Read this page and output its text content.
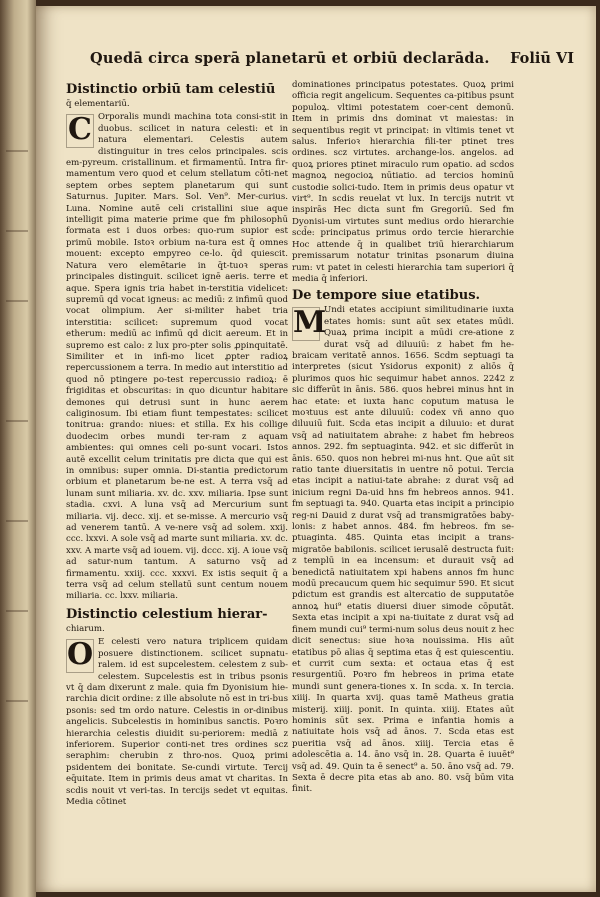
Quedā circa sperā planetarū et orbiū declarāda.	Foliū VI
Distinctio orbiū tam celestiū
q̄ elementariū.

C Orporalis mundi machina tota consi-stit in duobus. scilicet in natura celesti: et in natura elementari. Celestis autem distinguitur in tres celos principales. scis em-pyreum. cristallinum. et firmamentū. Intra fir-mamentum vero quod et celum stellatum cōti-net septem orbes septem planetarum qui sunt Saturnus. Jupiter. Mars. Sol. Ven⁹. Mer-curius. Luna. Nomine autē celi cristallini siue aque intelligit pima materie prime que fm philosophū formata est i duos orbes: quo-rum supior est primū mobile. Istoꝛ orbium na-tura est q̄ omnes mouent: excepto empyreo ce-lo. q̄d quiescit. Natura vero elemētarie in q̄t-tuoꝛ speras principales distinguit. scilicet ignē aeris. terre et aque. Spera ignis tria habet in-terstitia videlicet: supremū qd vocat igneus: ac mediū: z infimū quod vocat olimpium. Aer si-militer habet tria interstitia: scilicet: supremum quod vocat etherum: mediū ac infimū qd dicit aereum. Et in supremo est calo: z lux pro-pter solis ꝓpinquitatē. Similiter et in infi-mo licet ꝓpter radioꝝ repercussionem a terra. In medio aut interstitio ad quod nō ptingere po-test repercussio radioꝝ: ē frigiditas et obscuritas: in quo dicuntur habitare demones qui detrusi sunt in hunc aerem caliginosum. Ibi etiam fiunt tempestates: scilicet tonitrua: grando: niues: et stilla. Ex his collige duodecim orbes mundi ter-ram z aquam ambientes: qui omnes celi po-sunt vocari. Istos autē excellit celum trinitatis pre dicta que qui est in omnibus: super omnia. Di-stantia predictorum orbium et planetarum be-ne est. A terra vsq̄ ad lunam sunt miliaria. xv. dc. xxv. miliaria. Ipse sunt stadia. cxvi. A luna vsq̄ ad Mercurium sunt miliaria. vij. decc. xij. et se-misse. A mercurio vsq̄ ad venerem tantū. A ve-nere vsq̄ ad solem. xxij. ccc. lxxvi. A sole vsq̄ ad marte sunt miliaria. xv. dc. xxv. A marte vsq̄ ad iouem. vij. dccc. xij. A ioue vsq̄ ad satur-num tantum. A saturno vsq̄ ad firmamentu. xxiij. ccc. xxxvi. Ex istis sequit q̄ a terra vsq̄ ad celum stellatū sunt centum nouem miliaria. cc. lxxv. miliaria.

Distinctio celestium hierar-
chiarum.

O E celesti vero natura triplicem quidam posuere distinctionem. scilicet supnatu-ralem. id est supcelestem. celestem z sub-celestem. Supcelestis est in tribus psonis vt q̄ dam dixerunt z male. quia fm Dyonisium hie-rarchia dicit ordine: z ille absolute nō est in tri-bus psonis: sed tm ordo nature. Celestis in or-dinibus angelicis. Subcelestis in hominibus sanctis. Poꝛro hierarchia celestis diuidit su-periorem: mediā z inferiorem. Superior conti-net tres ordines scz seraphim: cherubin z thro-nos. Quoꝝ primi psidentem dei bonitate. Se-cundi virtute. Tercij eq̄uitate. Item in primis deus amat vt charitas. In scdis nouit vt veri-tas. In tercijs sedet vt equitas. Media cōtinet

dominationes principatus potestates. Quoꝝ primi officia regit angelicum. Sequentes ca-pitibus psunt populoꝝ. vltimi potestatem coer-cent demonū. Item in primis dns dominat vt maiestas: in sequentibus regit vt principat: in vltimis tenet vt salus. Inferioꝛ hierarchia fili-ter ptinet tres ordines. scz virtutes. archange-los. angelos. ad quoꝝ priores ptinet miraculo rum opatio. ad scdos magnoꝝ negocioꝝ nūtiatio. ad tercios hominū custodie solici-tudo. Item in primis deus opatur vt virt⁹. In scdis reuelat vt lux. In tercijs nutrit vt inspirās Hec dicta sunt fm Gregoriū. Sed fm Dyonisi-um virtutes sunt medius ordo hierarchie scd̄e: principatus primus ordo tercie hierarchie Hoc attende q̄ in qualibet triū hierarchiarum premissarum notatur trinitas psonarum diuina rum: vt patet in celesti hierarchia tam superiori q̄ media q̄ inferiori.

De tempore siue etatibus.

M
Undi etates accipiunt similitudinarie iuxta etates homis: sunt aūt sex etates mūdi. Quaꝝ prima incipit a mūdi cre-atione z durat vsq̄ ad diluuiū: z habet fm he-braicam veritatē annos. 1656. Scdm septuagi ta interpretes (sicut Ysidorus exponit) z aliōs q̄ plurimos quos hic sequimur habet annos. 2242 z sic differūt in ānis. 586. quos hebrei minus hnt in hac etate: et iuxta hanc coputum matusa le moꝛtuus est ante diluuiū: codex vñ anno quo diluuiū fuit. Scda etas incipit a diluuio: et durat vsq̄ ad natiuitatem abrahe: z habet fm hebreos annos. 292. fm septuaginta. 942. et sic differūt in ānis. 650. quos non hebrei mi-nus hnt. Que aūt sit ratio tante diuersitatis in uentre nō potui. Tercia etas incipit a natiui-tate abrahe: z durat vsq̄ ad inicium regni Da-uid hns fm hebreos annos. 941. fm septuagi ta. 940. Quarta etas incipit a principio reg-ni Dauid z durat vsq̄ ad transmigratōes baby-lonis: z habet annos. 484. fm hebreos. fm se-ptuaginta. 485. Quinta etas incipit a trans-migratōe babilonis. scilicet ierusalē destructa fuit: z templū in ea incensum: et durauit vsq̄ ad benedictā natiuitatem xpi habens annos fm hunc modū precaucum quem hic sequimur 590. Et sicut pdictum est grandis est altercatio de supputatōe annoꝝ hui⁹ etatis diuersi diuer simode cōputāt. Sexta etas incipit a xpi na-tiuitate z durat vsq̄ ad finem mundi cui⁹ termi-num solus deus nouit z hec dicit senectus: siue hoꝛa nouissima. His aūt etatibus pō alias q̄ septima etas q̄ est quiescentiu. et currit cum sexta: et octaua etas q̄ est resurgentiū. Poꝛro fm hebreos in prima etate mundi sunt genera-tiones x. In scda. x. In tercia. xiiij. In quarta xvij. quas tamē Matheus gratia misterij. xiiij. ponit. In quinta. xiiij. Etates aūt hominis sūt sex. Prima e infantia homis a natiuitate hois vsq̄ ad ānos. 7. Scda etas est pueritia vsq̄ ad ānos. xiiij. Tercia etas ē adolescētia a. 14. āno vsq̄ in. 28. Quarta ē iuuēt⁹ vsq̄ ad. 49. Quin ta ē senect⁹ a. 50. āno vsq̄ ad. 79. Sexta ē decre pita etas ab ano. 80. vsq̄ būm vita finit.
